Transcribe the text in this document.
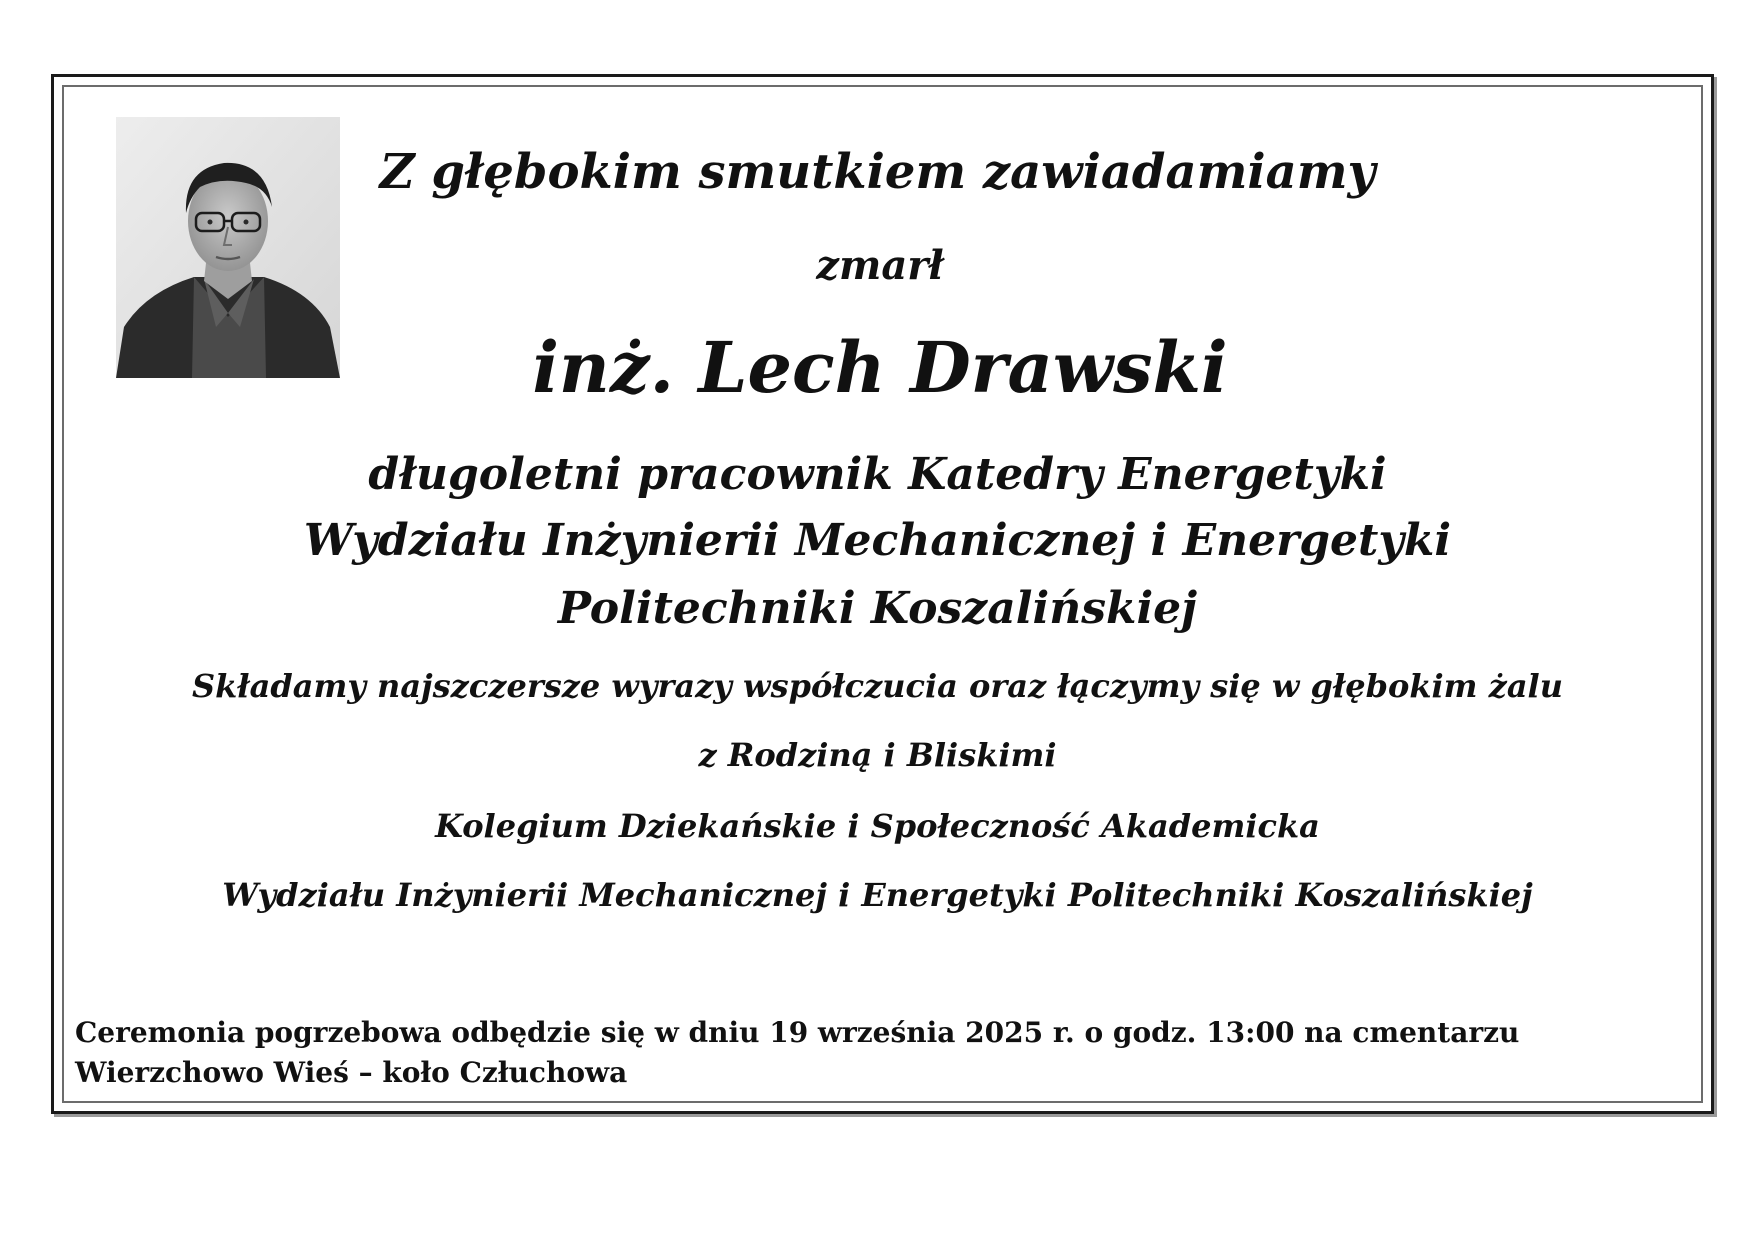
Z głębokim smutkiem zawiadamiamy

zmarł

inż. Lech Drawski

długoletni pracownik Katedry Energetyki

Wydziału Inżynierii Mechanicznej i Energetyki

Politechniki Koszalińskiej

Składamy najszczersze wyrazy współczucia oraz łączymy się w głębokim żalu

z Rodziną i Bliskimi

Kolegium Dziekańskie i Społeczność Akademicka

Wydziału Inżynierii Mechanicznej i Energetyki Politechniki Koszalińskiej

Ceremonia pogrzebowa odbędzie się w dniu 19 września 2025 r. o godz. 13:00 na cmentarzu
Wierzchowo Wieś – koło Człuchowa
